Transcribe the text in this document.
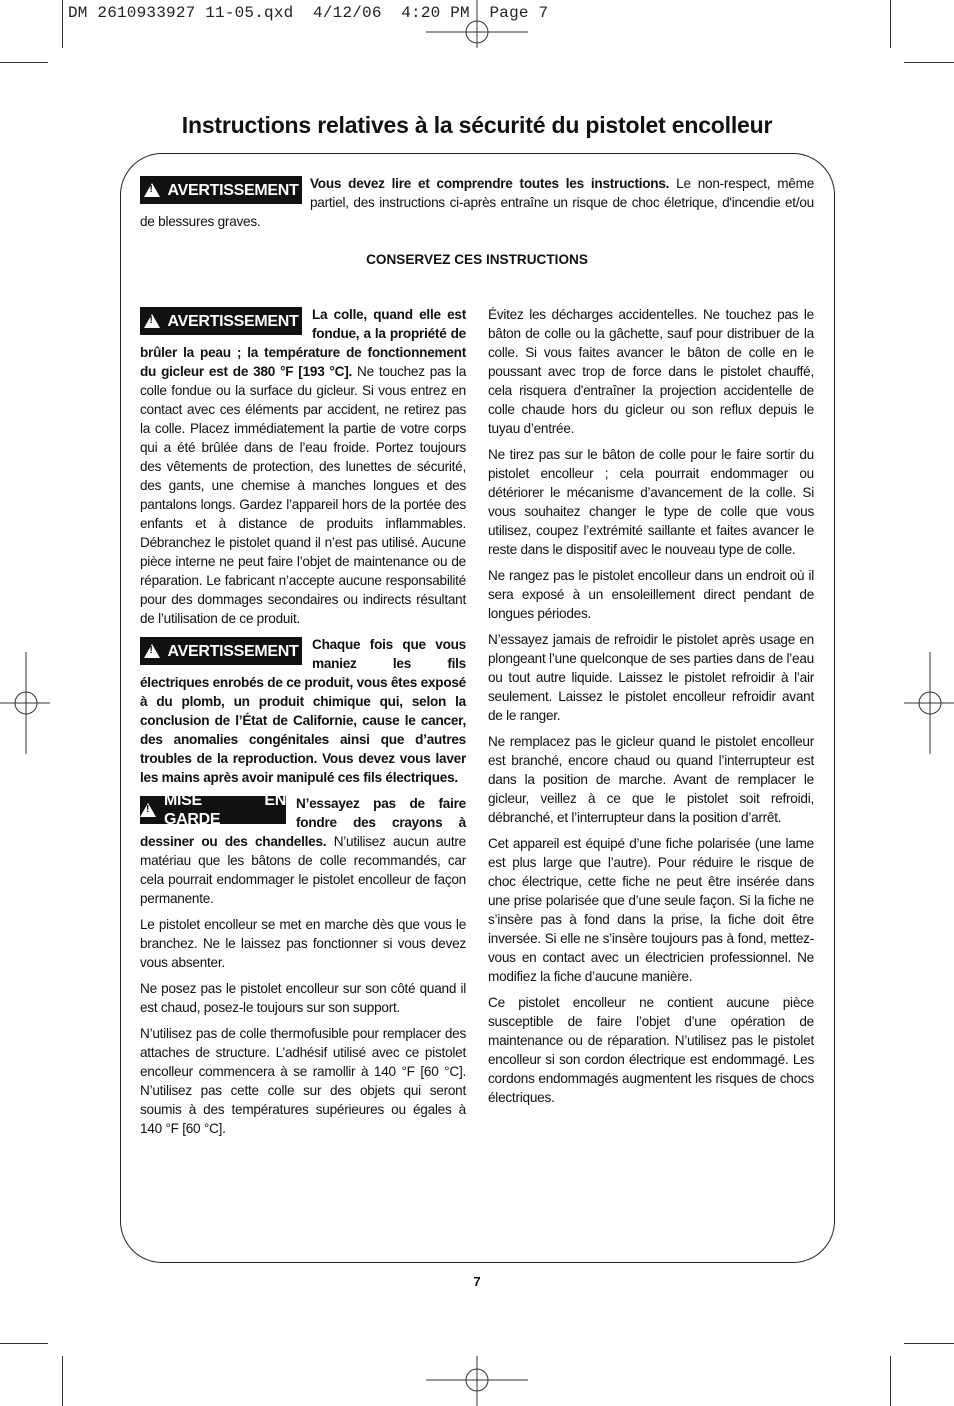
DM 2610933927 11-05.qxd  4/12/06  4:20 PM  Page 7
Instructions relatives à la sécurité du pistolet encolleur
!
AVERTISSEMENT Vous devez lire et comprendre toutes les instructions. Le non-respect, même partiel, des instructions ci-après entraîne un risque de choc életrique, d'incendie et/ou de blessures graves.
CONSERVEZ CES INSTRUCTIONS

!
AVERTISSEMENT La colle, quand elle est fondue, a la propriété de brûler la peau ; la température de fonctionnement du gicleur est de 380 °F [193 °C]. Ne touchez pas la colle fondue ou la surface du gicleur. Si vous entrez en contact avec ces éléments par accident, ne retirez pas la colle. Placez immédiatement la partie de votre corps qui a été brûlée dans de l’eau froide. Portez toujours des vêtements de protection, des lunettes de sécurité, des gants, une chemise à manches longues et des pantalons longs. Gardez l’appareil hors de la portée des enfants et à distance de produits inflammables. Débranchez le pistolet quand il n’est pas utilisé. Aucune pièce interne ne peut faire l’objet de maintenance ou de réparation. Le fabricant n’accepte aucune responsabilité pour des dommages secondaires ou indirects résultant de l’utilisation de ce produit.

!
AVERTISSEMENT Chaque fois que vous maniez les fils électriques enrobés de ce produit, vous êtes exposé à du plomb, un produit chimique qui, selon la conclusion de l’État de Californie, cause le cancer, des anomalies congénitales ainsi que d’autres troubles de la reproduction. Vous devez vous laver les mains après avoir manipulé ces fils électriques.

!
MISE EN GARDE
N’essayez pas de faire fondre des crayons à dessiner ou des chandelles. N’utilisez aucun autre matériau que les bâtons de colle recommandés, car cela pourrait endommager le pistolet encolleur de façon permanente.

Le pistolet encolleur se met en marche dès que vous le branchez. Ne le laissez pas fonctionner si vous devez vous absenter.

Ne posez pas le pistolet encolleur sur son côté quand il est chaud, posez-le toujours sur son support.

N’utilisez pas de colle thermofusible pour remplacer des attaches de structure. L’adhésif utilisé avec ce pistolet encolleur commencera à se ramollir à 140 °F [60 °C]. N’utilisez pas cette colle sur des objets qui seront soumis à des températures supérieures ou égales à 140 °F [60 °C].

Évitez les décharges accidentelles. Ne touchez pas le bâton de colle ou la gâchette, sauf pour distribuer de la colle. Si vous faites avancer le bâton de colle en le poussant avec trop de force dans le pistolet chauffé, cela risquera d'entraîner la projection accidentelle de colle chaude hors du gicleur ou son reflux depuis le tuyau d’entrée.

Ne tirez pas sur le bâton de colle pour le faire sortir du pistolet encolleur ; cela pourrait endommager ou détériorer le mécanisme d’avancement de la colle. Si vous souhaitez changer le type de colle que vous utilisez, coupez l’extrémité saillante et faites avancer le reste dans le dispositif avec le nouveau type de colle.

Ne rangez pas le pistolet encolleur dans un endroit où il sera exposé à un ensoleillement direct pendant de longues périodes.

N’essayez jamais de refroidir le pistolet après usage en plongeant l’une quelconque de ses parties dans de l’eau ou tout autre liquide. Laissez le pistolet refroidir à l’air seulement. Laissez le pistolet encolleur refroidir avant de le ranger.

Ne remplacez pas le gicleur quand le pistolet encolleur est branché, encore chaud ou quand l’interrupteur est dans la position de marche. Avant de remplacer le gicleur, veillez à ce que le pistolet soit refroidi, débranché, et l’interrupteur dans la position d’arrêt.

Cet appareil est équipé d’une fiche polarisée (une lame est plus large que l’autre). Pour réduire le risque de choc électrique, cette fiche ne peut être insérée dans une prise polarisée que d’une seule façon. Si la fiche ne s’insère pas à fond dans la prise, la fiche doit être inversée. Si elle ne s’insère toujours pas à fond, mettez-vous en contact avec un électricien professionnel. Ne modifiez la fiche d’aucune manière.

Ce pistolet encolleur ne contient aucune pièce susceptible de faire l’objet d’une opération de maintenance ou de réparation. N’utilisez pas le pistolet encolleur si son cordon électrique est endommagé. Les cordons endommagés augmentent les risques de chocs électriques.

7
